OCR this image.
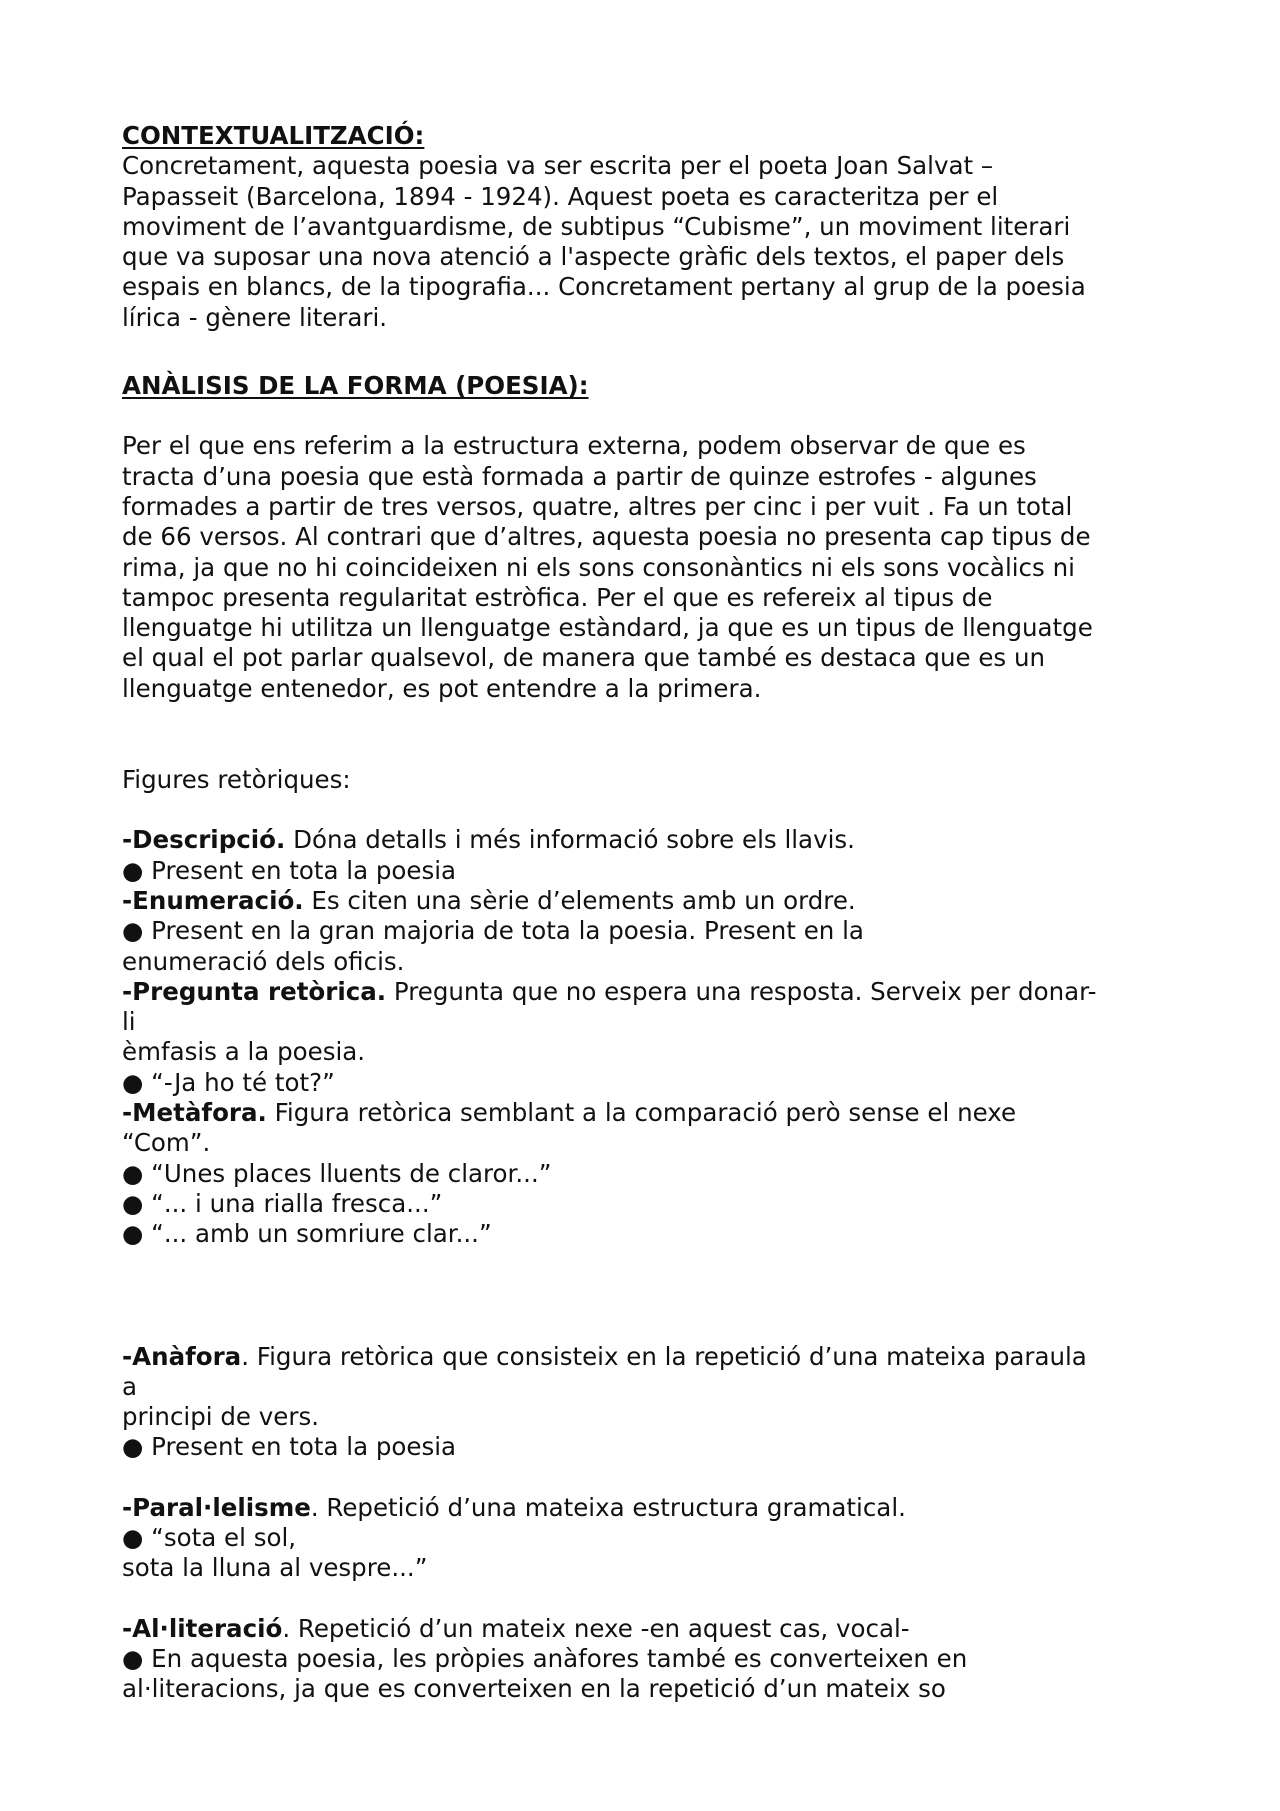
CONTEXTUALITZACIÓ:
Concretament, aquesta poesia va ser escrita per el poeta Joan Salvat –
Papasseit (Barcelona, 1894 - 1924). Aquest poeta es caracteritza per el
moviment de l’avantguardisme, de subtipus “Cubisme”, un moviment literari
que va suposar una nova atenció a l'aspecte gràfic dels textos, el paper dels
espais en blancs, de la tipografia... Concretament pertany al grup de la poesia
lírica - gènere literari.
ANÀLISIS DE LA FORMA (POESIA):
Per el que ens referim a la estructura externa, podem observar de que es
tracta d’una poesia que està formada a partir de quinze estrofes - algunes
formades a partir de tres versos, quatre, altres per cinc i per vuit . Fa un total
de 66 versos. Al contrari que d’altres, aquesta poesia no presenta cap tipus de
rima, ja que no hi coincideixen ni els sons consonàntics ni els sons vocàlics ni
tampoc presenta regularitat estròfica. Per el que es refereix al tipus de
llenguatge hi utilitza un llenguatge estàndard, ja que es un tipus de llenguatge
el qual el pot parlar qualsevol, de manera que també es destaca que es un
llenguatge entenedor, es pot entendre a la primera.
Figures retòriques:
-Descripció. Dóna detalls i més informació sobre els llavis.
● Present en tota la poesia
-Enumeració. Es citen una sèrie d’elements amb un ordre.
● Present en la gran majoria de tota la poesia. Present en la
enumeració dels oficis.
-Pregunta retòrica. Pregunta que no espera una resposta. Serveix per donar-
li
èmfasis a la poesia.
● “-Ja ho té tot?”
-Metàfora. Figura retòrica semblant a la comparació però sense el nexe
“Com”.
● “Unes places lluents de claror...”
● “... i una rialla fresca...”
● “... amb un somriure clar...”
-Anàfora. Figura retòrica que consisteix en la repetició d’una mateixa paraula
a
principi de vers.
● Present en tota la poesia
-Paral·lelisme. Repetició d’una mateixa estructura gramatical.
● “sota el sol,
sota la lluna al vespre...”
-Al·literació. Repetició d’un mateix nexe -en aquest cas, vocal-
● En aquesta poesia, les pròpies anàfores també es converteixen en
al·literacions, ja que es converteixen en la repetició d’un mateix so
